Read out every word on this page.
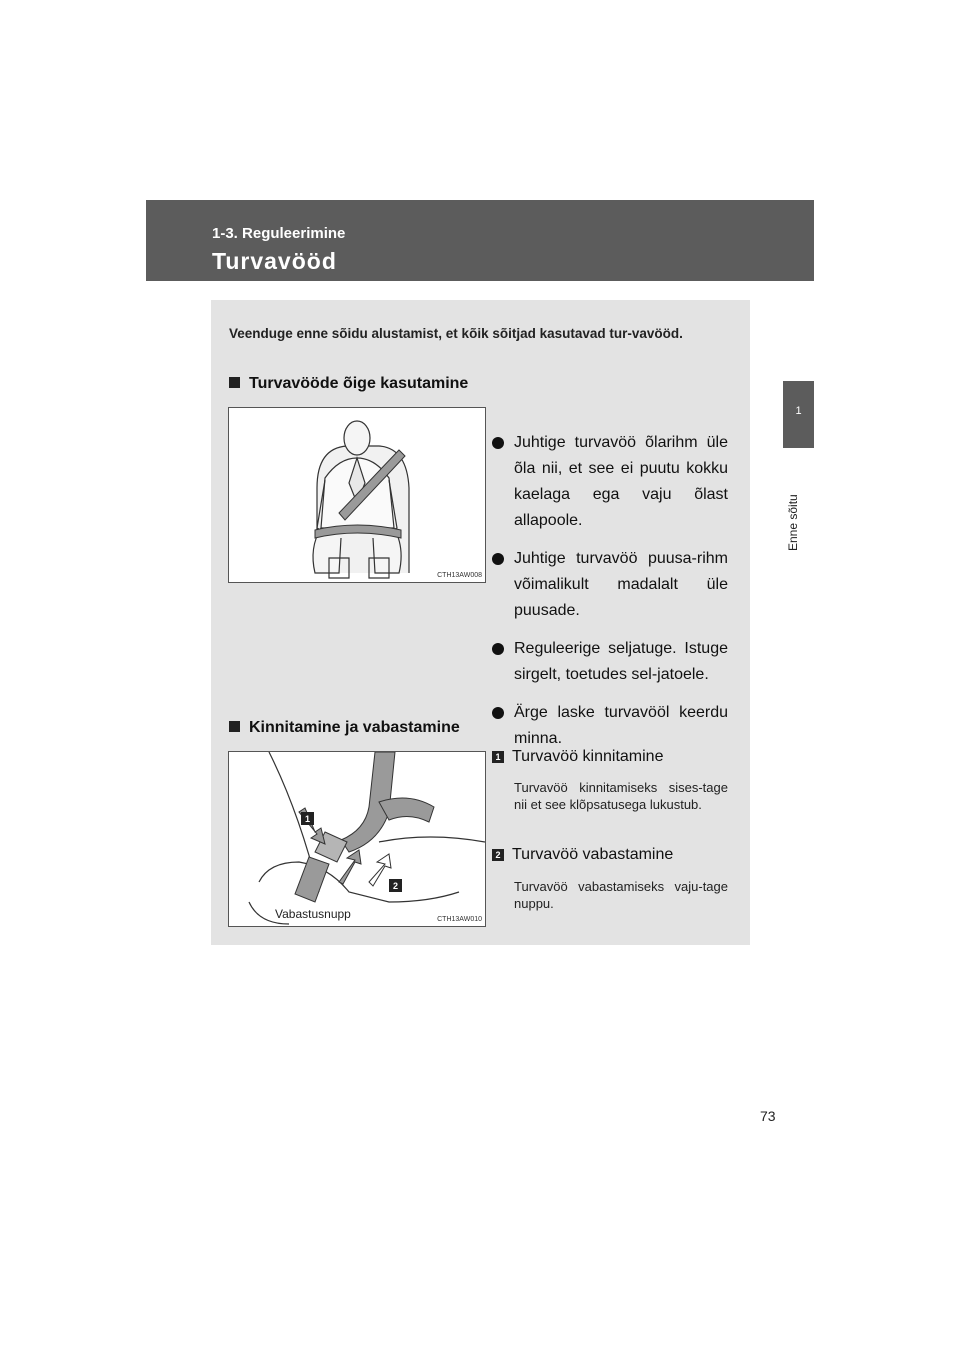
1-3. Reguleerimine
Turvavööd
1
Enne sõitu
Veenduge enne sõidu alustamist, et kõik sõitjad kasutavad tur-vavööd.
Turvavööde õige kasutamine
CTH13AW008
Juhtige turvavöö õlarihm üle õla nii, et see ei puutu kokku kaelaga ega vaju õlast allapoole.
Juhtige turvavöö puusa-rihm võimalikult madalalt üle puusade.
Reguleerige seljatuge. Istuge sirgelt, toetudes sel-jatoele.
Ärge laske turvavööl keerdu minna.
Kinnitamine ja vabastamine
1
2
Vabastusnupp	CTH13AW010
1 Turvavöö kinnitamine
Turvavöö kinnitamiseks sises-tage nii et see klõpsatusega lukustub.
2 Turvavöö vabastamine
Turvavöö vabastamiseks vaju-tage nuppu.
73
